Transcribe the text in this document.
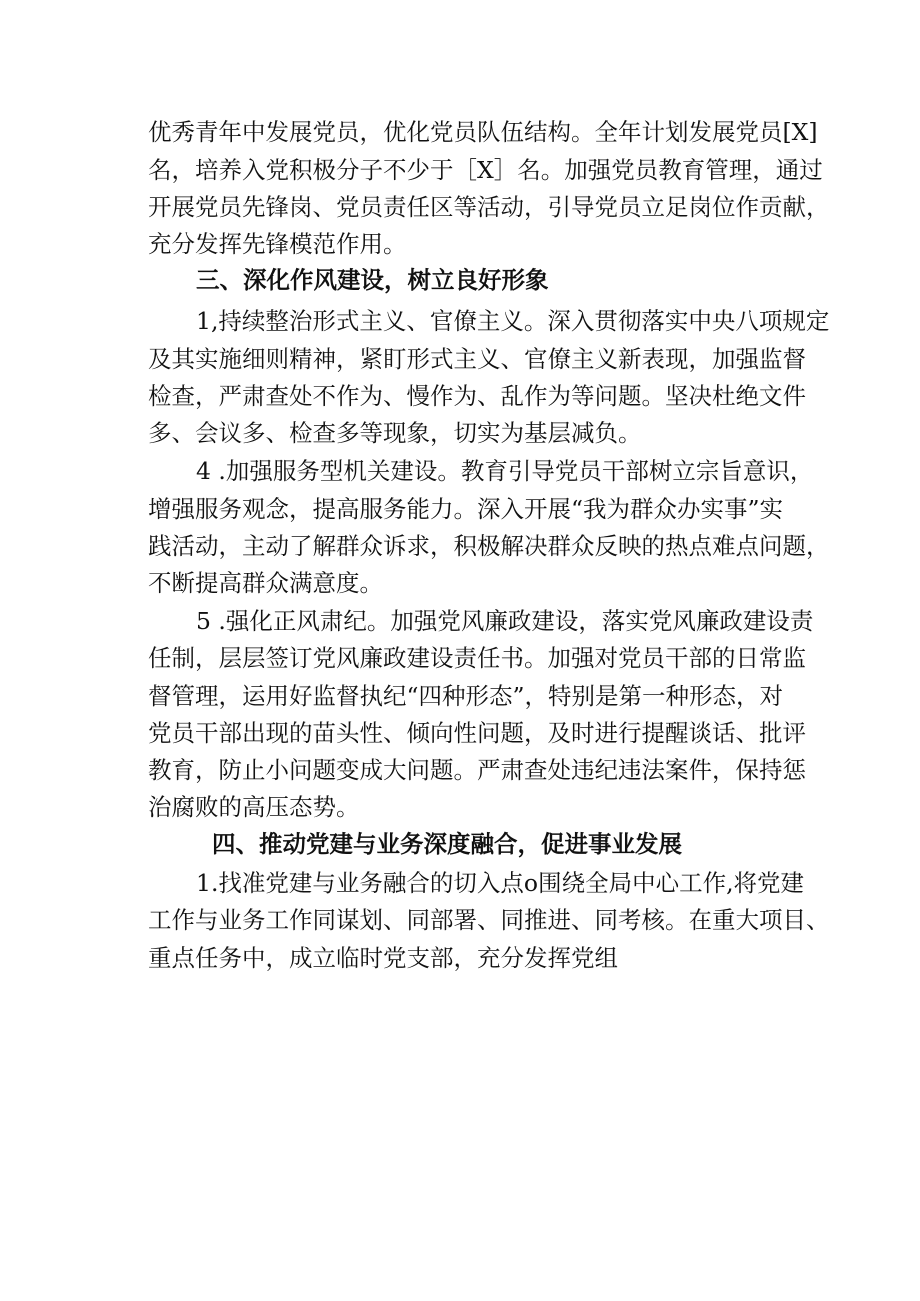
优秀青年中发展党员，优化党员队伍结构。全年计划发展党员[X]
名，培养入党积极分子不少于［X］名。加强党员教育管理，通过
开展党员先锋岗、党员责任区等活动，引导党员立足岗位作贡献，
充分发挥先锋模范作用。
三、深化作风建设，树立良好形象
1,持续整治形式主义、官僚主义。深入贯彻落实中央八项规定
及其实施细则精神，紧盯形式主义、官僚主义新表现，加强监督
检查，严肃查处不作为、慢作为、乱作为等问题。坚决杜绝文件
多、会议多、检查多等现象，切实为基层减负。
4 .加强服务型机关建设。教育引导党员干部树立宗旨意识，
增强服务观念，提高服务能力。深入开展“我为群众办实事”实
践活动，主动了解群众诉求，积极解决群众反映的热点难点问题，
不断提高群众满意度。
5 .强化正风肃纪。加强党风廉政建设，落实党风廉政建设责
任制，层层签订党风廉政建设责任书。加强对党员干部的日常监
督管理，运用好监督执纪“四种形态”，特别是第一种形态，对
党员干部出现的苗头性、倾向性问题，及时进行提醒谈话、批评
教育，防止小问题变成大问题。严肃查处违纪违法案件，保持惩
治腐败的高压态势。
四、推动党建与业务深度融合，促进事业发展
1.找准党建与业务融合的切入点o围绕全局中心工作,将党建
工作与业务工作同谋划、同部署、同推进、同考核。在重大项目、
重点任务中，成立临时党支部，充分发挥党组
